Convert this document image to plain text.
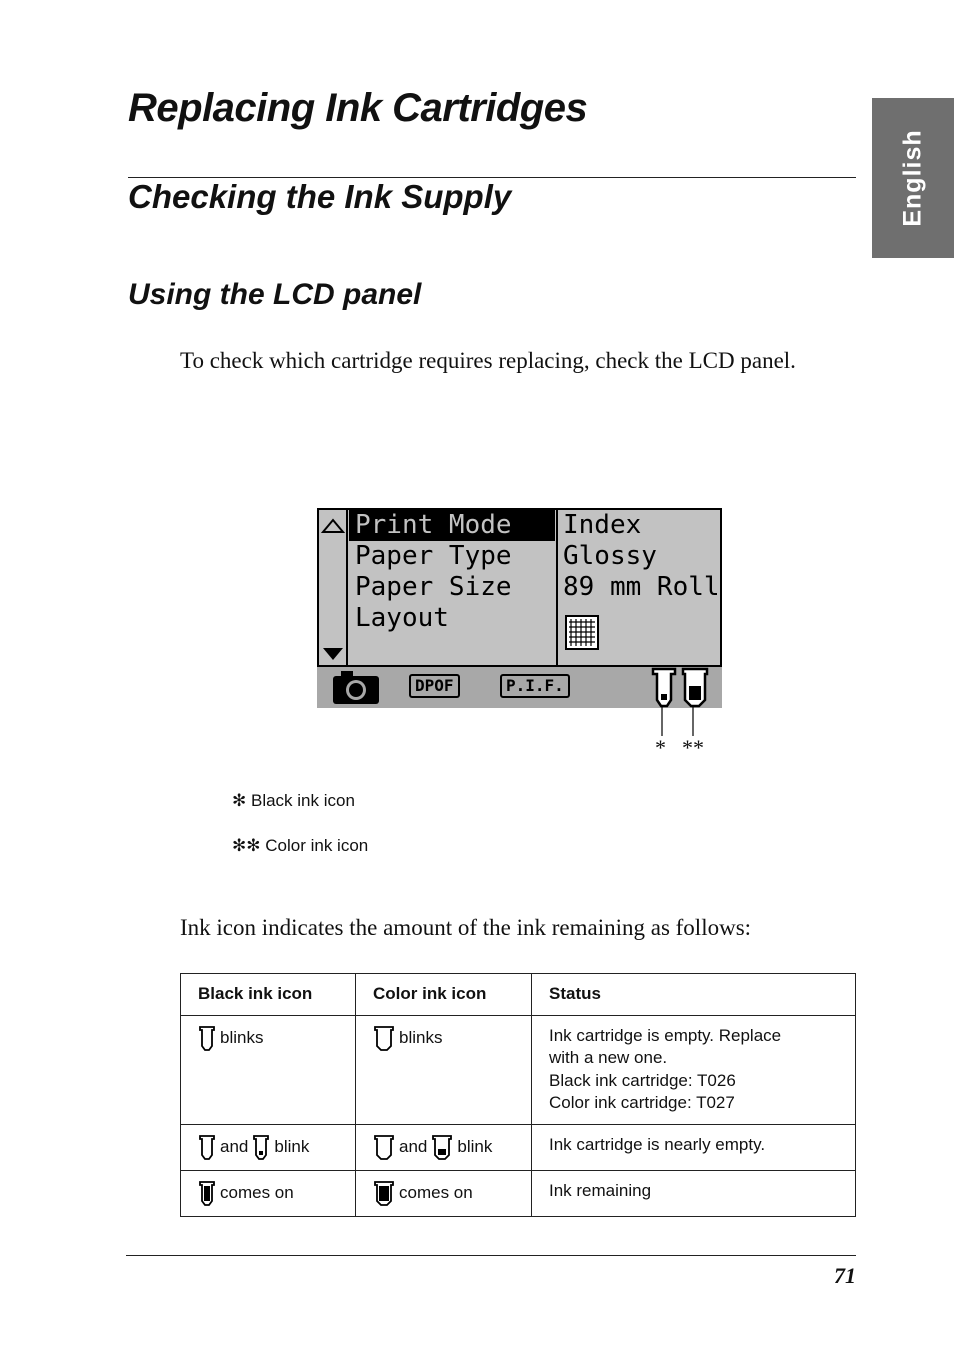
English
Replacing Ink Cartridges
Checking the Ink Supply
Using the LCD panel

To check which cartridge requires replacing, check the LCD panel.

Print Mode
Paper Type
Paper Size
Layout
Index
Glossy
89 mm Roll
DPOF	P.I.F.
* **
✻ Black ink icon
✻✻ Color ink icon

Ink icon indicates the amount of the ink remaining as follows:

Black ink icon	Color ink icon	Status

blinks	blinks	Ink cartridge is empty. Replace
with a new one.
Black ink cartridge: T026
Color ink cartridge: T027

and blink	and blink	Ink cartridge is nearly empty.

comes on	comes on	Ink remaining
71
